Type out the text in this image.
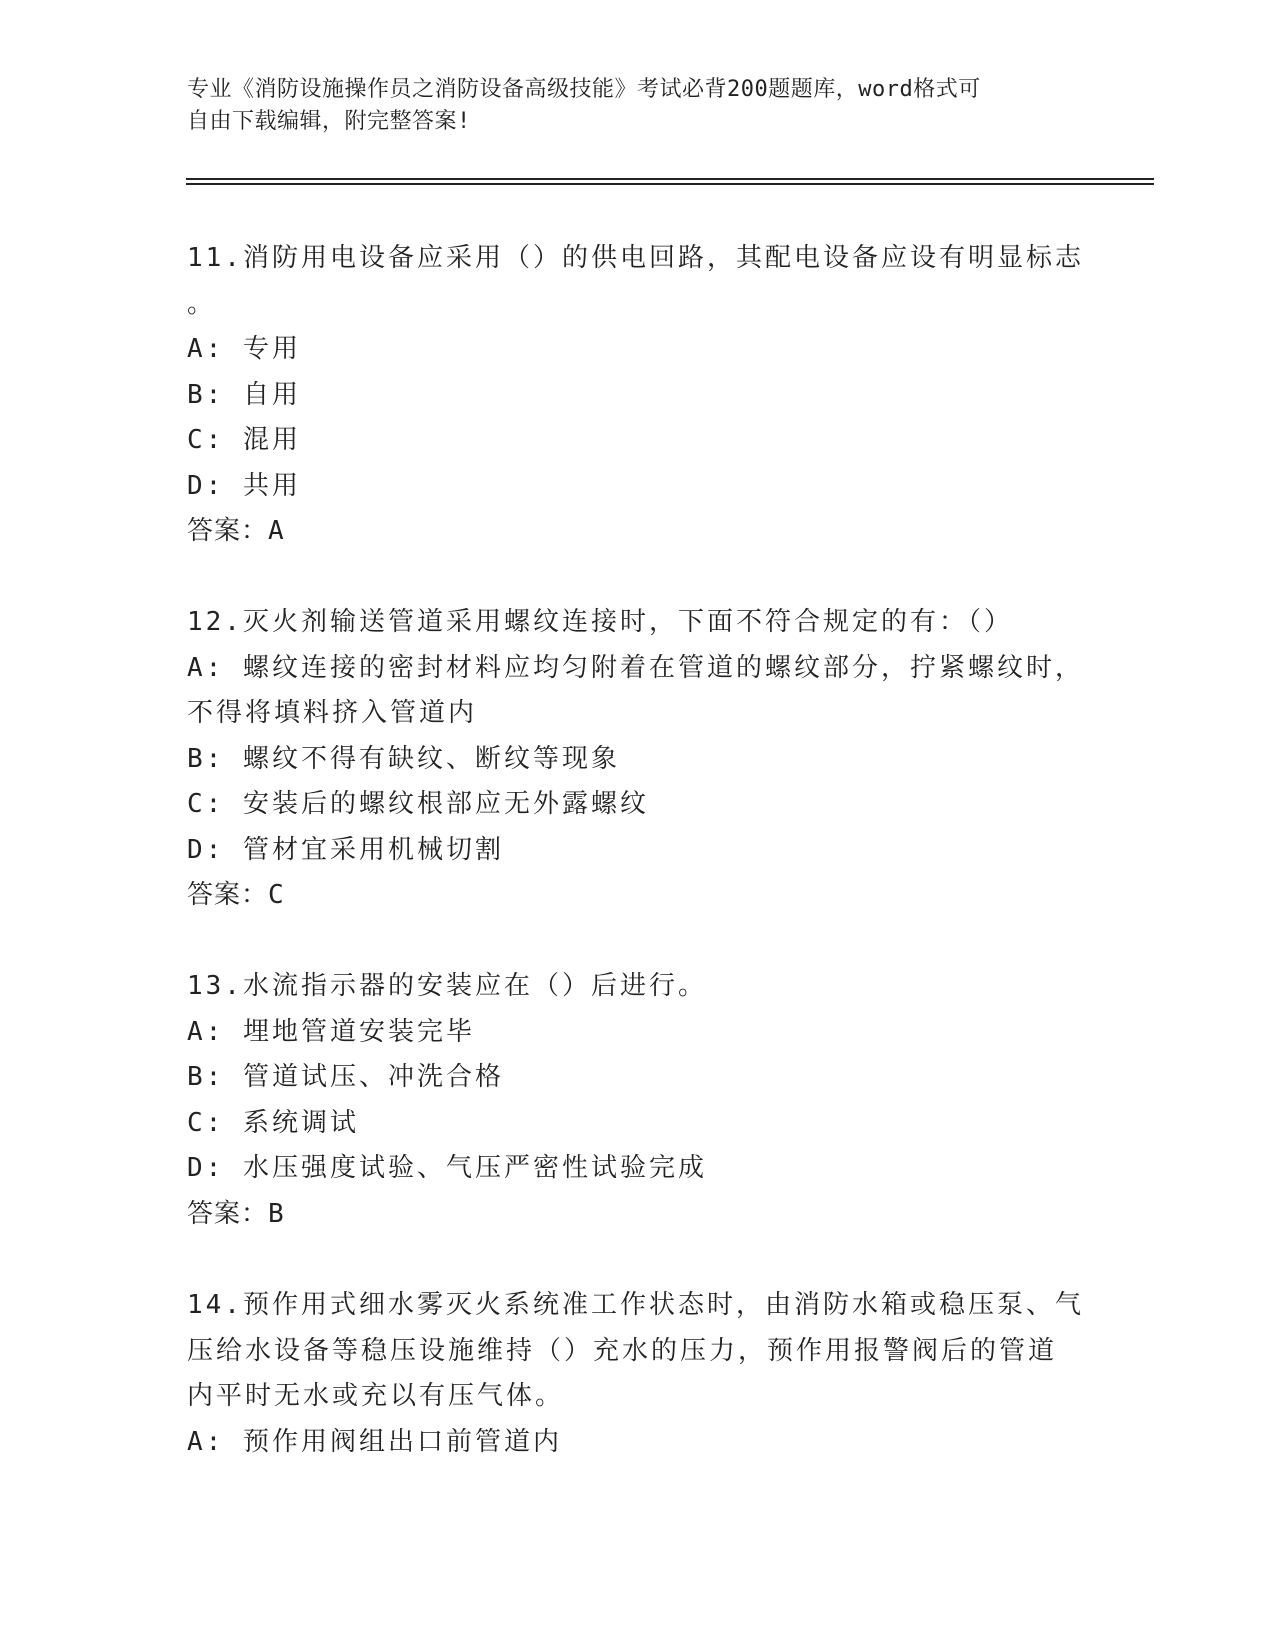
专业《消防设施操作员之消防设备高级技能》考试必背200题题库，word格式可
自由下载编辑，附完整答案!
11.消防用电设备应采用（）的供电回路，其配电设备应设有明显标志
。
A: 专用
B: 自用
C: 混用
D: 共用
答案：A
12.灭火剂输送管道采用螺纹连接时，下面不符合规定的有：（）
A: 螺纹连接的密封材料应均匀附着在管道的螺纹部分，拧紧螺纹时，
不得将填料挤入管道内
B: 螺纹不得有缺纹、断纹等现象
C: 安装后的螺纹根部应无外露螺纹
D: 管材宜采用机械切割
答案：C
13.水流指示器的安装应在（）后进行。
A: 埋地管道安装完毕
B: 管道试压、冲洗合格
C: 系统调试
D: 水压强度试验、气压严密性试验完成
答案：B
14.预作用式细水雾灭火系统准工作状态时，由消防水箱或稳压泵、气
压给水设备等稳压设施维持（）充水的压力，预作用报警阀后的管道
内平时无水或充以有压气体。
A: 预作用阀组出口前管道内
